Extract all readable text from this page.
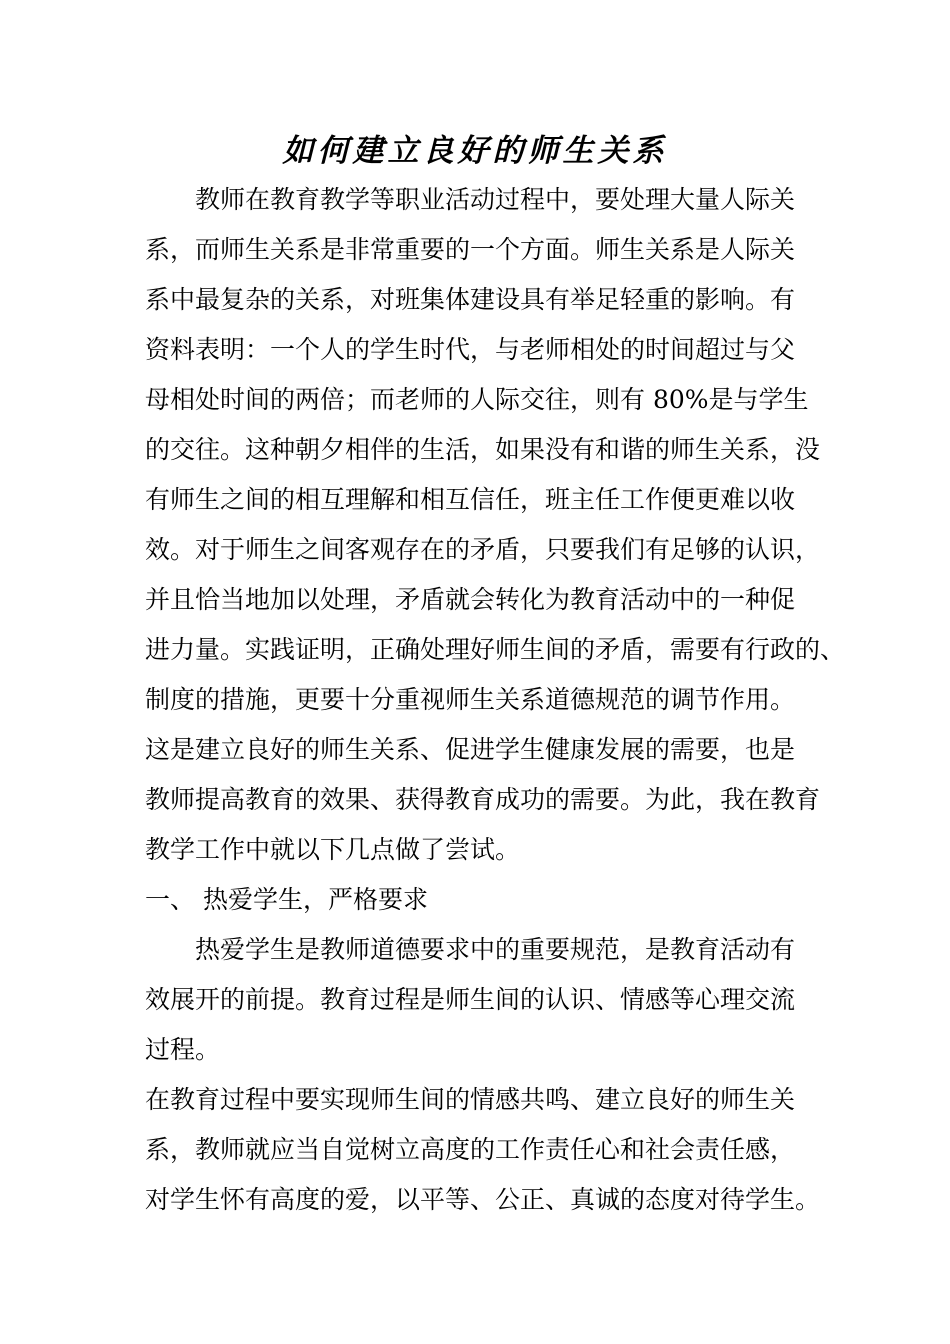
如何建立良好的师生关系
教师在教育教学等职业活动过程中，要处理大量人际关
系，而师生关系是非常重要的一个方面。师生关系是人际关
系中最复杂的关系，对班集体建设具有举足轻重的影响。有
资料表明：一个人的学生时代，与老师相处的时间超过与父
母相处时间的两倍；而老师的人际交往，则有 80%是与学生
的交往。这种朝夕相伴的生活，如果没有和谐的师生关系，没
有师生之间的相互理解和相互信任，班主任工作便更难以收
效。对于师生之间客观存在的矛盾，只要我们有足够的认识，
并且恰当地加以处理，矛盾就会转化为教育活动中的一种促
进力量。实践证明，正确处理好师生间的矛盾，需要有行政的、
制度的措施，更要十分重视师生关系道德规范的调节作用。
这是建立良好的师生关系、促进学生健康发展的需要，也是
教师提高教育的效果、获得教育成功的需要。为此，我在教育
教学工作中就以下几点做了尝试。
一、 热爱学生，严格要求
热爱学生是教师道德要求中的重要规范，是教育活动有
效展开的前提。教育过程是师生间的认识、情感等心理交流
过程。
在教育过程中要实现师生间的情感共鸣、建立良好的师生关
系，教师就应当自觉树立高度的工作责任心和社会责任感，
对学生怀有高度的爱，以平等、公正、真诚的态度对待学生。
